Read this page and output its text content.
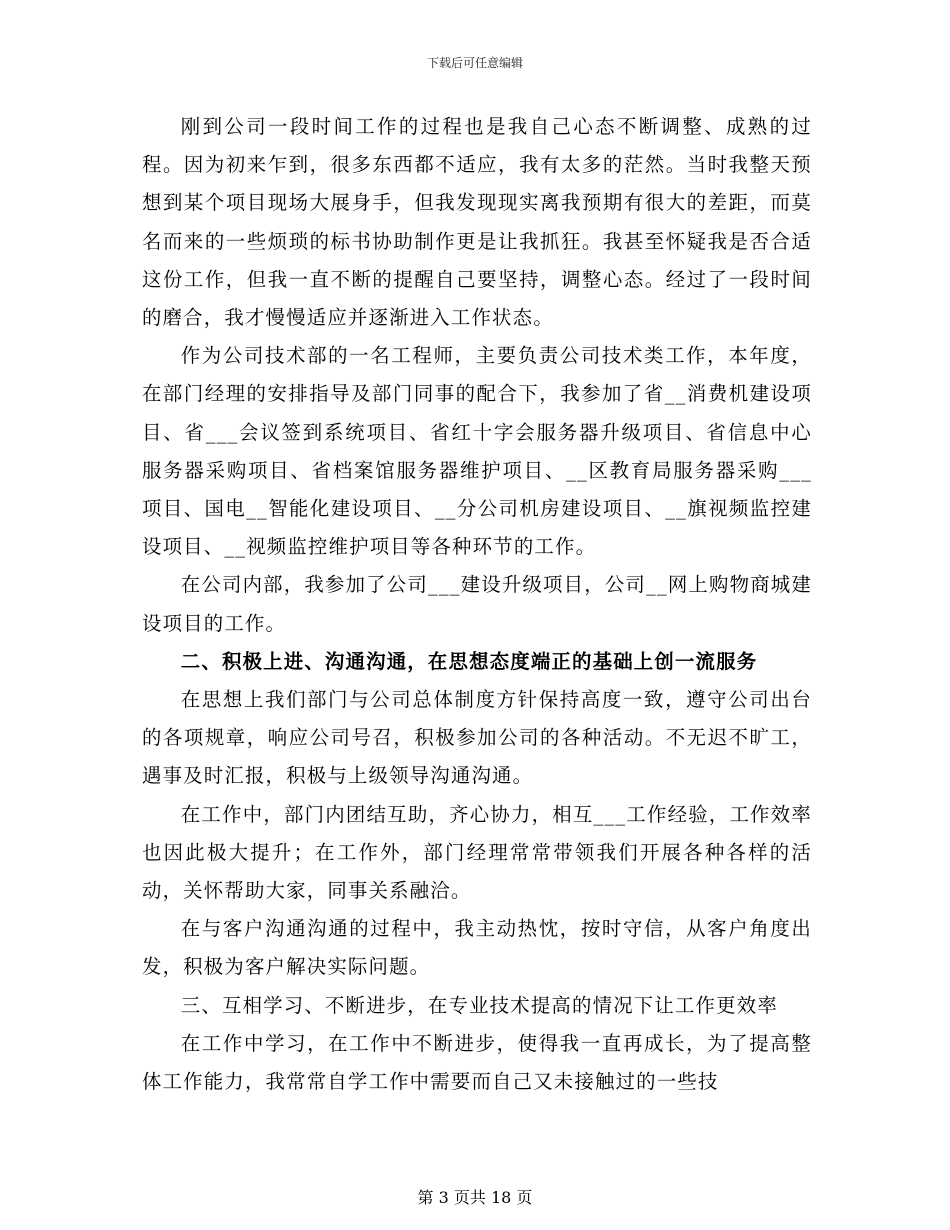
下载后可任意编辑

刚到公司一段时间工作的过程也是我自己心态不断调整、成熟的过程。因为初来乍到，很多东西都不适应，我有太多的茫然。当时我整天预想到某个项目现场大展身手，但我发现现实离我预期有很大的差距，而莫名而来的一些烦琐的标书协助制作更是让我抓狂。我甚至怀疑我是否合适这份工作，但我一直不断的提醒自己要坚持，调整心态。经过了一段时间的磨合，我才慢慢适应并逐渐进入工作状态。

作为公司技术部的一名工程师，主要负责公司技术类工作，本年度，在部门经理的安排指导及部门同事的配合下，我参加了省__消费机建设项目、省___会议签到系统项目、省红十字会服务器升级项目、省信息中心服务器采购项目、省档案馆服务器维护项目、__区教育局服务器采购___项目、国电__智能化建设项目、__分公司机房建设项目、__旗视频监控建设项目、__视频监控维护项目等各种环节的工作。

在公司内部，我参加了公司___建设升级项目，公司__网上购物商城建设项目的工作。

二、积极上进、沟通沟通，在思想态度端正的基础上创一流服务

在思想上我们部门与公司总体制度方针保持高度一致，遵守公司出台的各项规章，响应公司号召，积极参加公司的各种活动。不无迟不旷工，遇事及时汇报，积极与上级领导沟通沟通。

在工作中，部门内团结互助，齐心协力，相互___工作经验，工作效率也因此极大提升；在工作外，部门经理常常带领我们开展各种各样的活动，关怀帮助大家，同事关系融洽。

在与客户沟通沟通的过程中，我主动热忱，按时守信，从客户角度出发，积极为客户解决实际问题。

三、互相学习、不断进步，在专业技术提高的情况下让工作更效率

在工作中学习，在工作中不断进步，使得我一直再成长，为了提高整体工作能力，我常常自学工作中需要而自己又未接触过的一些技

第 3 页共 18 页
